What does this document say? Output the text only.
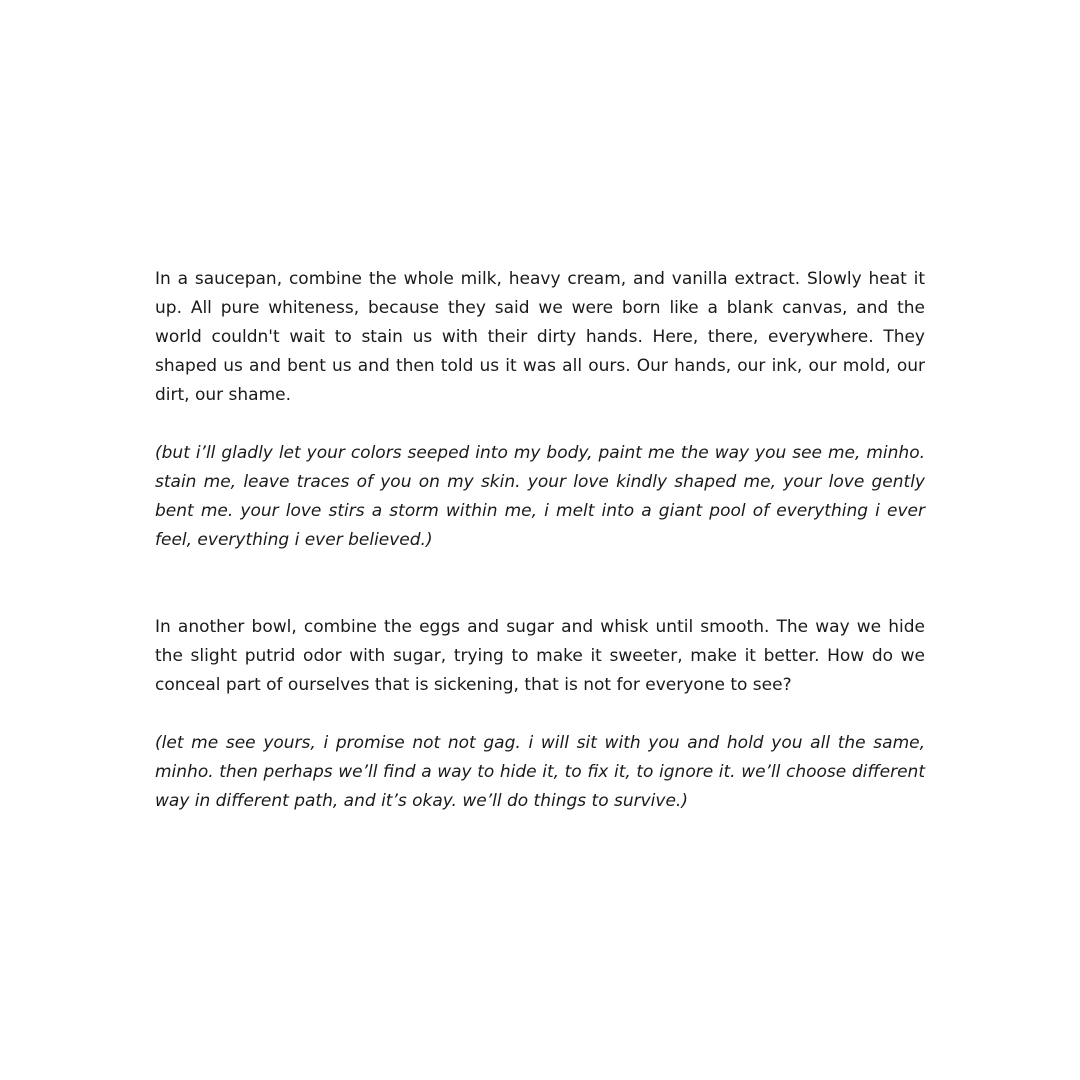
In a saucepan, combine the whole milk, heavy cream, and vanilla extract. Slowly heat it up. All pure whiteness, because they said we were born like a blank canvas, and the world couldn't wait to stain us with their dirty hands. Here, there, everywhere. They shaped us and bent us and then told us it was all ours. Our hands, our ink, our mold, our dirt, our shame.

(but i’ll gladly let your colors seeped into my body, paint me the way you see me, minho. stain me, leave traces of you on my skin. your love kindly shaped me, your love gently bent me. your love stirs a storm within me, i melt into a giant pool of everything i ever feel, everything i ever believed.)

In another bowl, combine the eggs and sugar and whisk until smooth. The way we hide the slight putrid odor with sugar, trying to make it sweeter, make it better. How do we conceal part of ourselves that is sickening, that is not for everyone to see?

(let me see yours, i promise not not gag. i will sit with you and hold you all the same, minho. then perhaps we’ll find a way to hide it, to fix it, to ignore it. we’ll choose different way in different path, and it’s okay. we’ll do things to survive.)
